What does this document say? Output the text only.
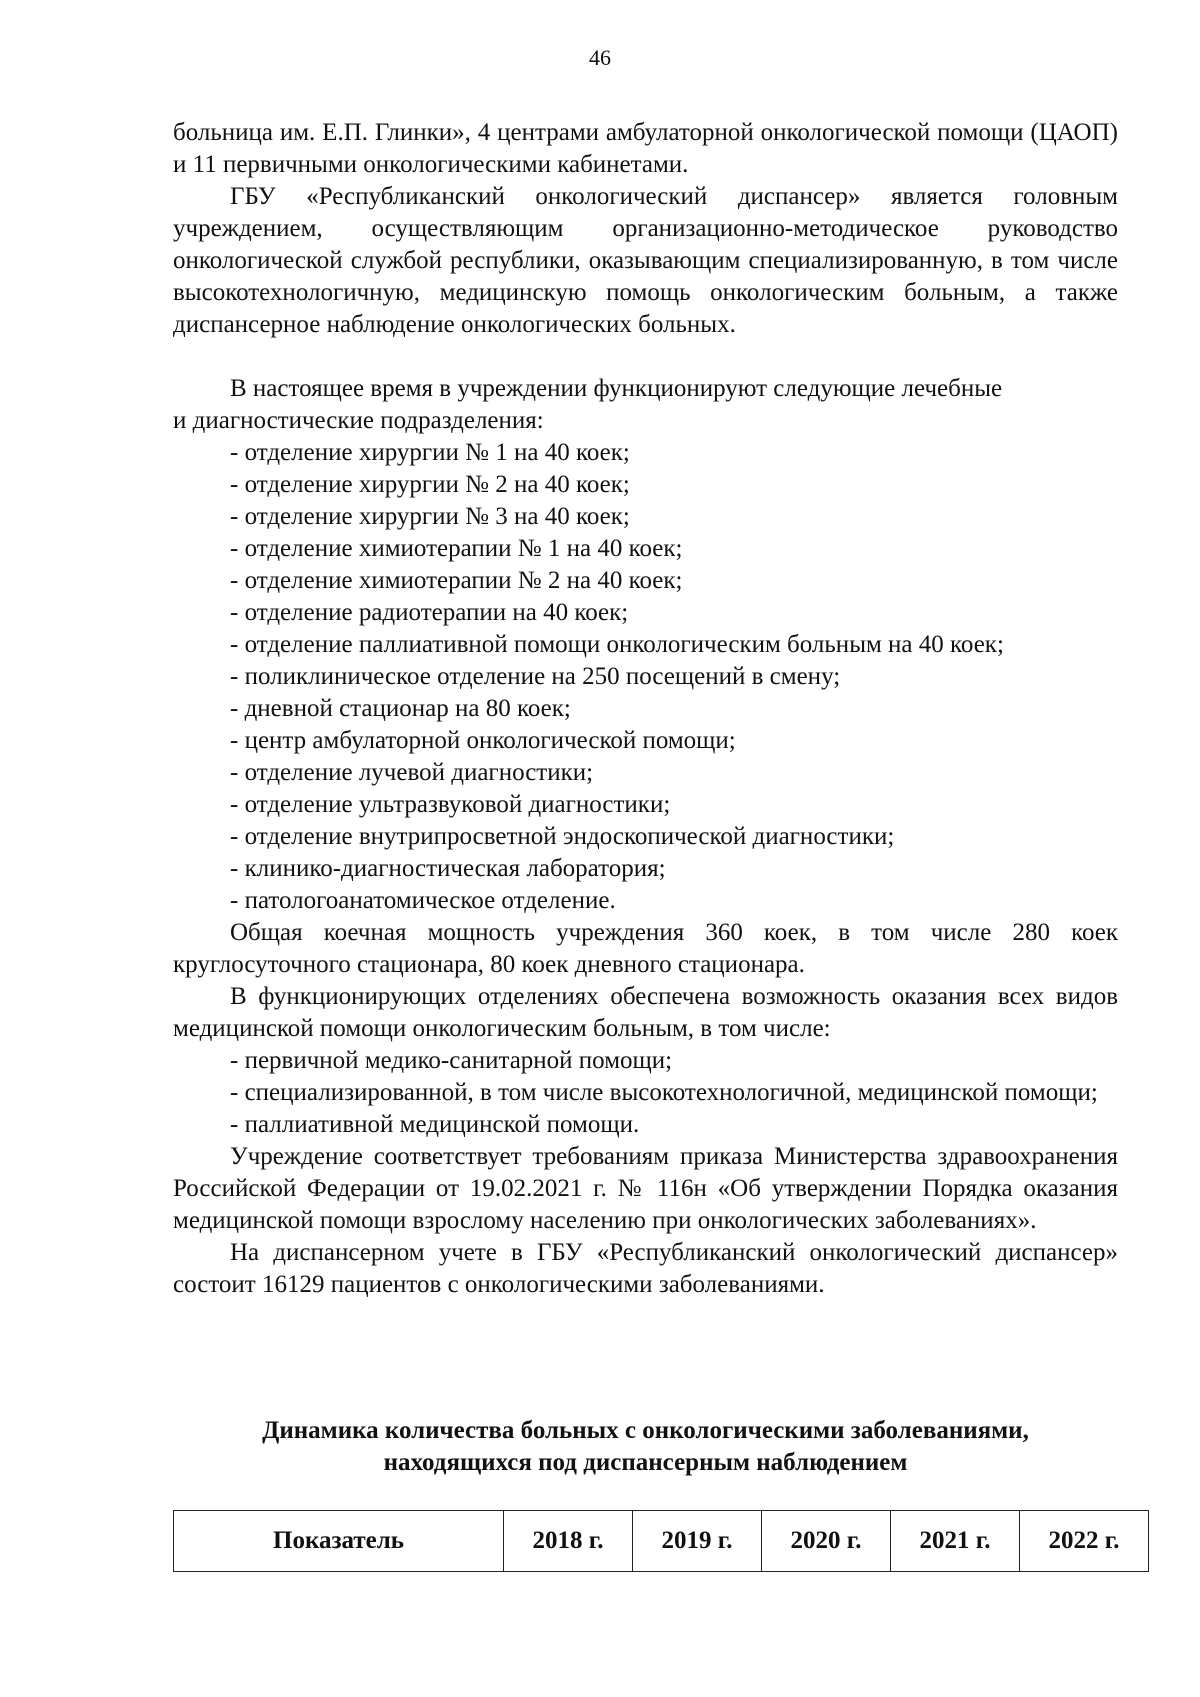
46

больница им. Е.П. Глинки», 4 центрами амбулаторной онкологической помощи (ЦАОП) и 11 первичными онкологическими кабинетами.

ГБУ «Республиканский онкологический диспансер» является головным учреждением, осуществляющим организационно-методическое руководство онкологической службой республики, оказывающим специализированную, в том числе высокотехнологичную, медицинскую помощь онкологическим больным, а также диспансерное наблюдение онкологических больных.

В настоящее время в учреждении функционируют следующие лечебные

и диагностические подразделения:

- отделение хирургии № 1 на 40 коек;

- отделение хирургии № 2 на 40 коек;

- отделение хирургии № 3 на 40 коек;

- отделение химиотерапии № 1 на 40 коек;

- отделение химиотерапии № 2 на 40 коек;

- отделение радиотерапии на 40 коек;

- отделение паллиативной помощи онкологическим больным на 40 коек;

- поликлиническое отделение на 250 посещений в смену;

- дневной стационар на 80 коек;

- центр амбулаторной онкологической помощи;

- отделение лучевой диагностики;

- отделение ультразвуковой диагностики;

- отделение внутрипросветной эндоскопической диагностики;

- клинико-диагностическая лаборатория;

- патологоанатомическое отделение.

Общая коечная мощность учреждения 360 коек, в том числе 280 коек круглосуточного стационара, 80 коек дневного стационара.

В функционирующих отделениях обеспечена возможность оказания всех видов медицинской помощи онкологическим больным, в том числе:

- первичной медико-санитарной помощи;

- специализированной, в том числе высокотехнологичной, медицинской помощи;

- паллиативной медицинской помощи.

Учреждение соответствует требованиям приказа Министерства здравоохранения Российской Федерации от 19.02.2021 г. № 116н «Об утверждении Порядка оказания медицинской помощи взрослому населению при онкологических заболеваниях».

На диспансерном учете в ГБУ «Республиканский онкологический диспансер» состоит 16129 пациентов с онкологическими заболеваниями.

Динамика количества больных с онкологическими заболеваниями,
находящихся под диспансерным наблюдением
Показатель	2018 г.	2019 г.	2020 г.	2021 г.	2022 г.
